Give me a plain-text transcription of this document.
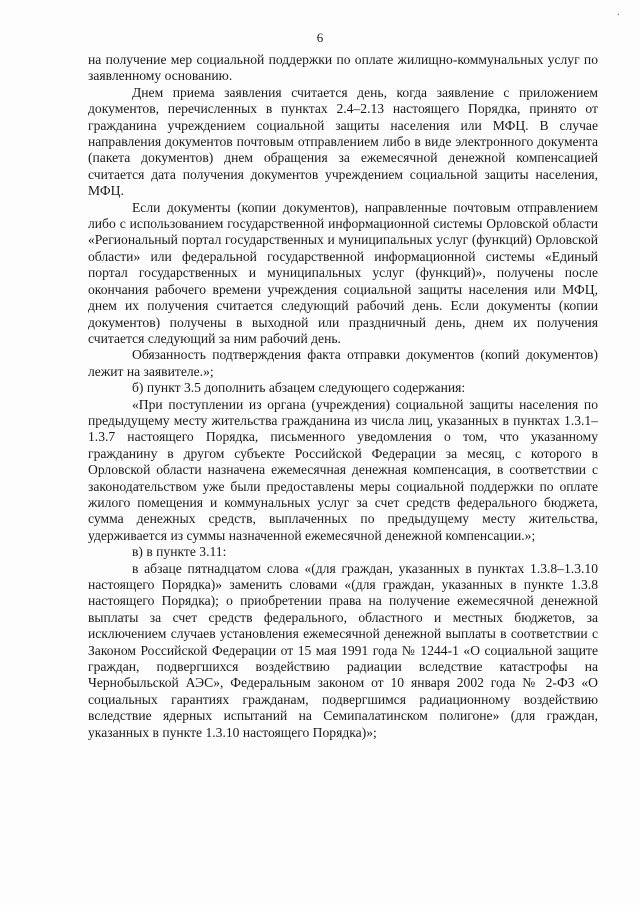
6
·

на получение мер социальной поддержки по оплате жилищно-коммунальных услуг по заявленному основанию.

Днем приема заявления считается день, когда заявление с приложением документов, перечисленных в пунктах 2.4–2.13 настоящего Порядка, принято от гражданина учреждением социальной защиты населения или МФЦ. В случае направления документов почтовым отправлением либо в виде электронного документа (пакета документов) днем обращения за ежемесячной денежной компенсацией считается дата получения документов учреждением социальной защиты населения, МФЦ.

Если документы (копии документов), направленные почтовым отправлением либо с использованием государственной информационной системы Орловской области «Региональный портал государственных и муниципальных услуг (функций) Орловской области» или федеральной государственной информационной системы «Единый портал государственных и муниципальных услуг (функций)», получены после окончания рабочего времени учреждения социальной защиты населения или МФЦ, днем их получения считается следующий рабочий день. Если документы (копии документов) получены в выходной или праздничный день, днем их получения считается следующий за ним рабочий день.

Обязанность подтверждения факта отправки документов (копий документов) лежит на заявителе.»;

б) пункт 3.5 дополнить абзацем следующего содержания:

«При поступлении из органа (учреждения) социальной защиты населения по предыдущему месту жительства гражданина из числа лиц, указанных в пунктах 1.3.1–1.3.7 настоящего Порядка, письменного уведомления о том, что указанному гражданину в другом субъекте Российской Федерации за месяц, с которого в Орловской области назначена ежемесячная денежная компенсация, в соответствии с законодательством уже были предоставлены меры социальной поддержки по оплате жилого помещения и коммунальных услуг за счет средств федерального бюджета, сумма денежных средств, выплаченных по предыдущему месту жительства, удерживается из суммы назначенной ежемесячной денежной компенсации.»;

в) в пункте 3.11:

в абзаце пятнадцатом слова «(для граждан, указанных в пунктах 1.3.8–1.3.10 настоящего Порядка)» заменить словами «(для граждан, указанных в пункте 1.3.8 настоящего Порядка); о приобретении права на получение ежемесячной денежной выплаты за счет средств федерального, областного и местных бюджетов, за исключением случаев установления ежемесячной денежной выплаты в соответствии с Законом Российской Федерации от 15 мая 1991 года № 1244-1 «О социальной защите граждан, подвергшихся воздействию радиации вследствие катастрофы на Чернобыльской АЭС», Федеральным законом от 10 января 2002 года № 2-ФЗ «О социальных гарантиях гражданам, подвергшимся радиационному воздействию вследствие ядерных испытаний на Семипалатинском полигоне» (для граждан, указанных в пункте 1.3.10 настоящего Порядка)»;
